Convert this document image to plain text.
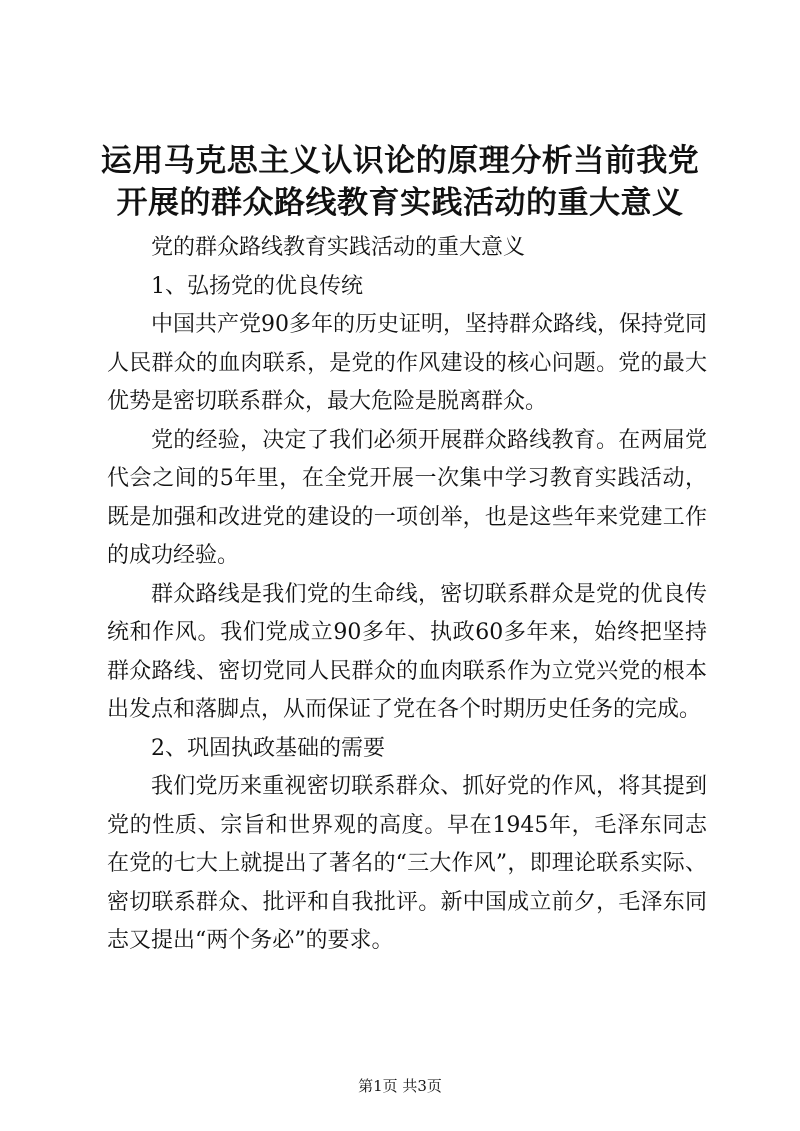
运用马克思主义认识论的原理分析当前我党开展的群众路线教育实践活动的重大意义

党的群众路线教育实践活动的重大意义

1、弘扬党的优良传统

中国共产党90多年的历史证明，坚持群众路线，保持党同人民群众的血肉联系，是党的作风建设的核心问题。党的最大优势是密切联系群众，最大危险是脱离群众。

党的经验，决定了我们必须开展群众路线教育。在两届党代会之间的5年里，在全党开展一次集中学习教育实践活动，既是加强和改进党的建设的一项创举，也是这些年来党建工作的成功经验。

群众路线是我们党的生命线，密切联系群众是党的优良传统和作风。我们党成立90多年、执政60多年来，始终把坚持群众路线、密切党同人民群众的血肉联系作为立党兴党的根本出发点和落脚点，从而保证了党在各个时期历史任务的完成。

2、巩固执政基础的需要

我们党历来重视密切联系群众、抓好党的作风，将其提到党的性质、宗旨和世界观的高度。早在1945年，毛泽东同志在党的七大上就提出了著名的“三大作风”，即理论联系实际、密切联系群众、批评和自我批评。新中国成立前夕，毛泽东同志又提出“两个务必”的要求。

第1页 共3页
